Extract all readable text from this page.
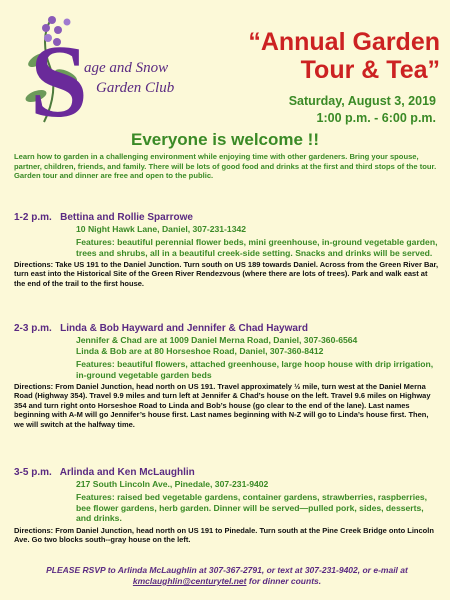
S
age and Snow
Garden Club
“Annual Garden
Tour & Tea”
Saturday, August 3, 2019
1:00 p.m. - 6:00 p.m.
Everyone is welcome !!
Learn how to garden in a challenging environment while enjoying time with other gardeners. Bring your spouse, partner, children, friends, and family. There will be lots of good food and drinks at the first and third stops of the tour. Garden tour and dinner are free and open to the public.
1-2 p.m. Bettina and Rollie Sparrowe
10 Night Hawk Lane, Daniel, 307-231-1342
Features: beautiful perennial flower beds, mini greenhouse, in-ground vegetable garden, trees and shrubs, all in a beautiful creek-side setting. Snacks and drinks will be served.
Directions: Take US 191 to the Daniel Junction. Turn south on US 189 towards Daniel. Across from the Green River Bar, turn east into the Historical Site of the Green River Rendezvous (where there are lots of trees). Park and walk east at the end of the trail to the first house.
2-3 p.m. Linda & Bob Hayward and Jennifer & Chad Hayward
Jennifer & Chad are at 1009 Daniel Merna Road, Daniel, 307-360-6564
Linda & Bob are at 80 Horseshoe Road, Daniel, 307-360-8412
Features: beautiful flowers, attached greenhouse, large hoop house with drip irrigation, in-ground vegetable garden beds
Directions: From Daniel Junction, head north on US 191. Travel approximately ½ mile, turn west at the Daniel Merna Road (Highway 354). Travel 9.9 miles and turn left at Jennifer & Chad’s house on the left. Travel 9.6 miles on Highway 354 and turn right onto Horseshoe Road to Linda and Bob’s house (go clear to the end of the lane). Last names beginning with A-M will go Jennifer’s house first. Last names beginning with N-Z will go to Linda’s house first. Then, we will switch at the halfway time.
3-5 p.m. Arlinda and Ken McLaughlin
217 South Lincoln Ave., Pinedale, 307-231-9402
Features: raised bed vegetable gardens, container gardens, strawberries, raspberries, bee flower gardens, herb garden. Dinner will be served—pulled pork, sides, desserts, and drinks.
Directions: From Daniel Junction, head north on US 191 to Pinedale. Turn south at the Pine Creek Bridge onto Lincoln Ave. Go two blocks south--gray house on the left.
PLEASE RSVP to Arlinda McLaughlin at 307-367-2791, or text at 307-231-9402, or e-mail at kmclaughlin@centurytel.net for dinner counts.
